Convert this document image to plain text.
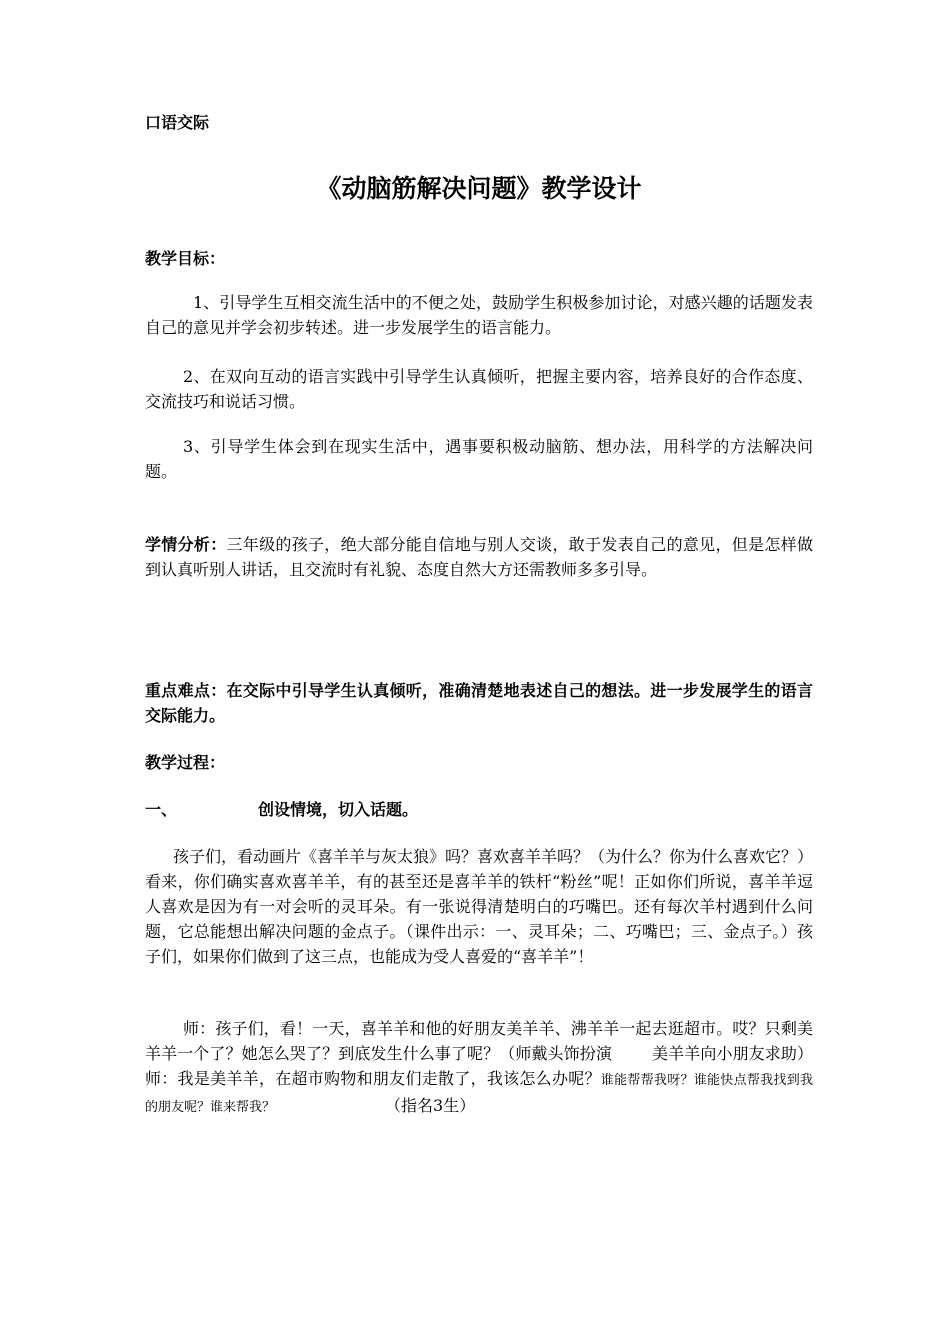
口语交际
《动脑筋解决问题》教学设计
教学目标：
1、引导学生互相交流生活中的不便之处，鼓励学生积极参加讨论，对感兴趣的话题发表自己的意见并学会初步转述。进一步发展学生的语言能力。
2、在双向互动的语言实践中引导学生认真倾听，把握主要内容，培养良好的合作态度、交流技巧和说话习惯。
3、引导学生体会到在现实生活中，遇事要积极动脑筋、想办法，用科学的方法解决问题。
学情分析：三年级的孩子，绝大部分能自信地与别人交谈，敢于发表自己的意见，但是怎样做到认真听别人讲话，且交流时有礼貌、态度自然大方还需教师多多引导。
重点难点：在交际中引导学生认真倾听，准确清楚地表述自己的想法。进一步发展学生的语言交际能力。
教学过程：
一、	创设情境，切入话题。
孩子们，看动画片《喜羊羊与灰太狼》吗？喜欢喜羊羊吗？（为什么？你为什么喜欢它？）看来，你们确实喜欢喜羊羊，有的甚至还是喜羊羊的铁杆“粉丝”呢！正如你们所说，喜羊羊逗人喜欢是因为有一对会听的灵耳朵。有一张说得清楚明白的巧嘴巴。还有每次羊村遇到什么问题，它总能想出解决问题的金点子。（课件出示：一、灵耳朵；二、巧嘴巴；三、金点子。）孩子们，如果你们做到了这三点，也能成为受人喜爱的“喜羊羊”！
师：孩子们，看！一天，喜羊羊和他的好朋友美羊羊、沸羊羊一起去逛超市。哎？只剩美羊羊一个了？她怎么哭了？到底发生什么事了呢？（师戴头饰扮演	美羊羊向小朋友求助）师：我是美羊羊，在超市购物和朋友们走散了，我该怎么办呢？谁能帮帮我呀？谁能快点帮我找到我的朋友呢？谁来帮我？	（指名3生）
